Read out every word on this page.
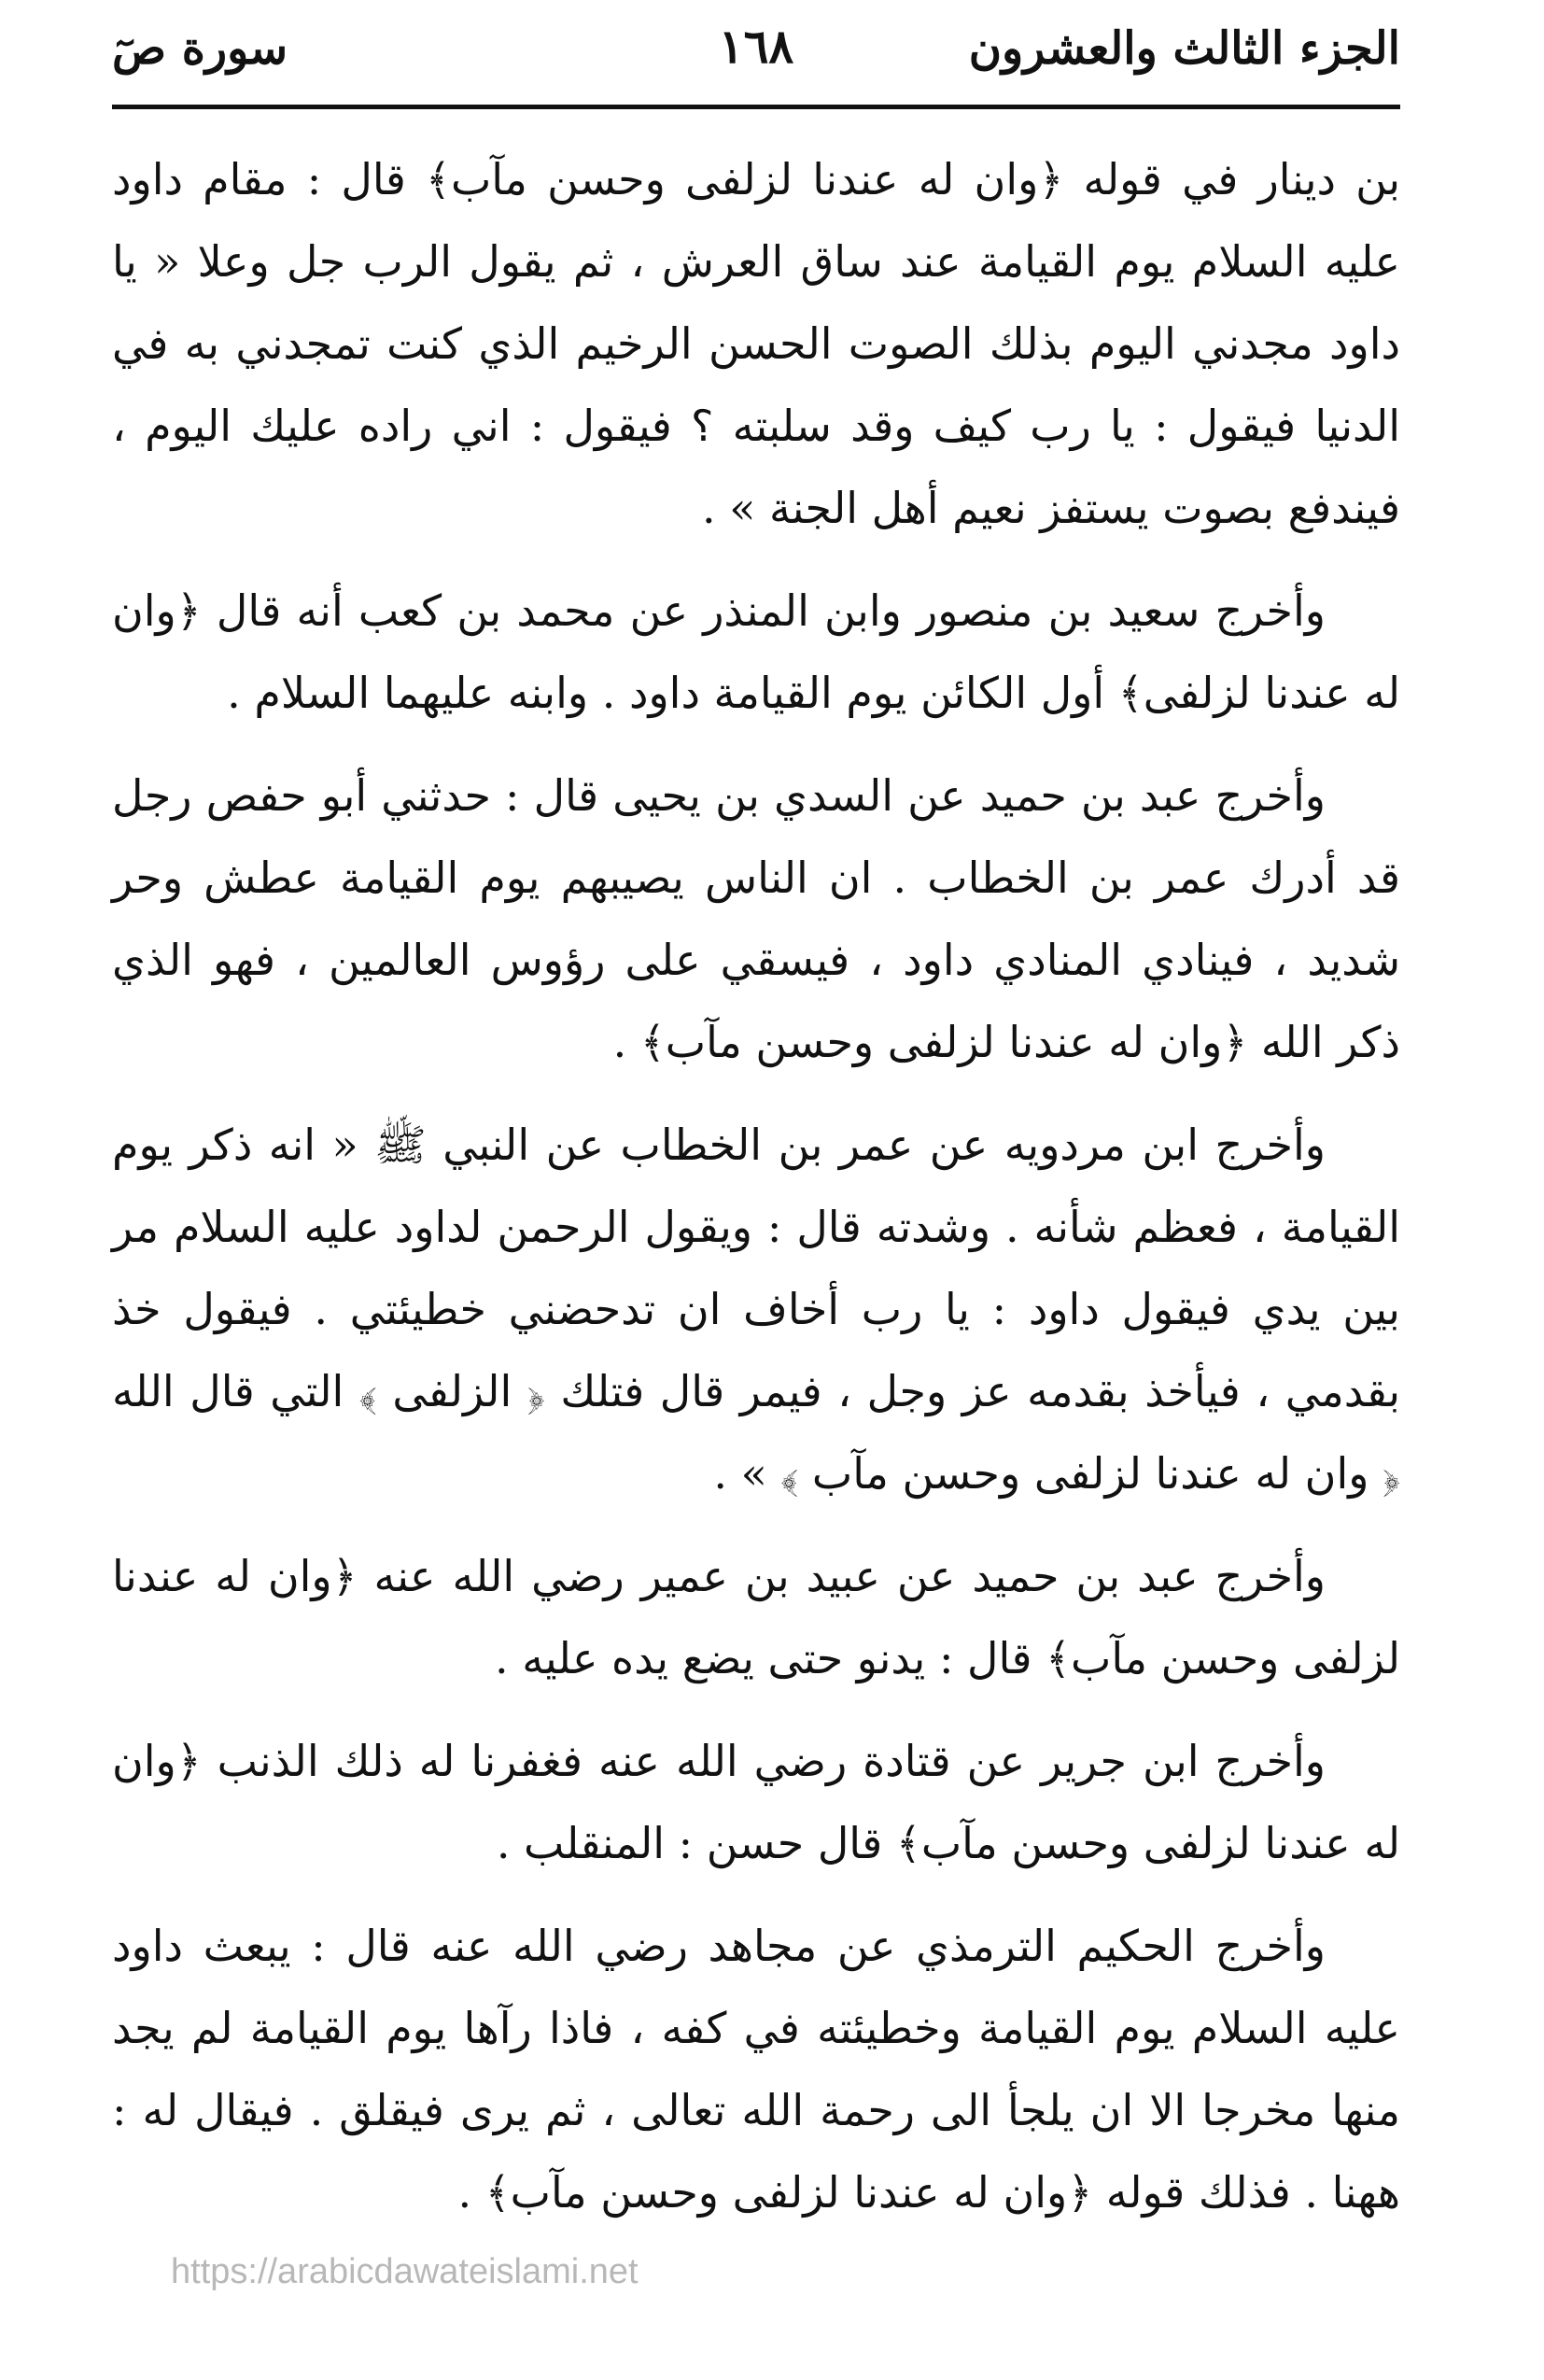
الجزء الثالث والعشرون
١٦٨
سورة صٓ

بن دينار في قوله ﴿وان له عندنا لزلفى وحسن مآب﴾ قال : مقام داود عليه السلام يوم القيامة عند ساق العرش ، ثم يقول الرب جل وعلا « يا داود مجدني اليوم بذلك الصوت الحسن الرخيم الذي كنت تمجدني به في الدنيا فيقول : يا رب كيف وقد سلبته ؟ فيقول : اني راده عليك اليوم ، فيندفع بصوت يستفز نعيم أهل الجنة » .

وأخرج سعيد بن منصور وابن المنذر عن محمد بن كعب أنه قال ﴿وان له عندنا لزلفى﴾ أول الكائن يوم القيامة داود . وابنه عليهما السلام .

وأخرج عبد بن حميد عن السدي بن يحيى قال : حدثني أبو حفص رجل قد أدرك عمر بن الخطاب . ان الناس يصيبهم يوم القيامة عطش وحر شديد ، فينادي المنادي داود ، فيسقي على رؤوس العالمين ، فهو الذي ذكر الله ﴿وان له عندنا لزلفى وحسن مآب﴾ .

وأخرج ابن مردويه عن عمر بن الخطاب عن النبي ﷺ « انه ذكر يوم القيامة ، فعظم شأنه . وشدته قال : ويقول الرحمن لداود عليه السلام مر بين يدي فيقول داود : يا رب أخاف ان تدحضني خطيئتي . فيقول خذ بقدمي ، فيأخذ بقدمه عز وجل ، فيمر قال فتلك ﴿ الزلفى ﴾ التي قال الله ﴿ وان له عندنا لزلفى وحسن مآب ﴾ » .

وأخرج عبد بن حميد عن عبيد بن عمير رضي الله عنه ﴿وان له عندنا لزلفى وحسن مآب﴾ قال : يدنو حتى يضع يده عليه .

وأخرج ابن جرير عن قتادة رضي الله عنه فغفرنا له ذلك الذنب ﴿وان له عندنا لزلفى وحسن مآب﴾ قال حسن : المنقلب .

وأخرج الحكيم الترمذي عن مجاهد رضي الله عنه قال : يبعث داود عليه السلام يوم القيامة وخطيئته في كفه ، فاذا رآها يوم القيامة لم يجد منها مخرجا الا ان يلجأ الى رحمة الله تعالى ، ثم يرى فيقلق . فيقال له : ههنا . فذلك قوله ﴿وان له عندنا لزلفى وحسن مآب﴾ .

https://arabicdawateislami.net
